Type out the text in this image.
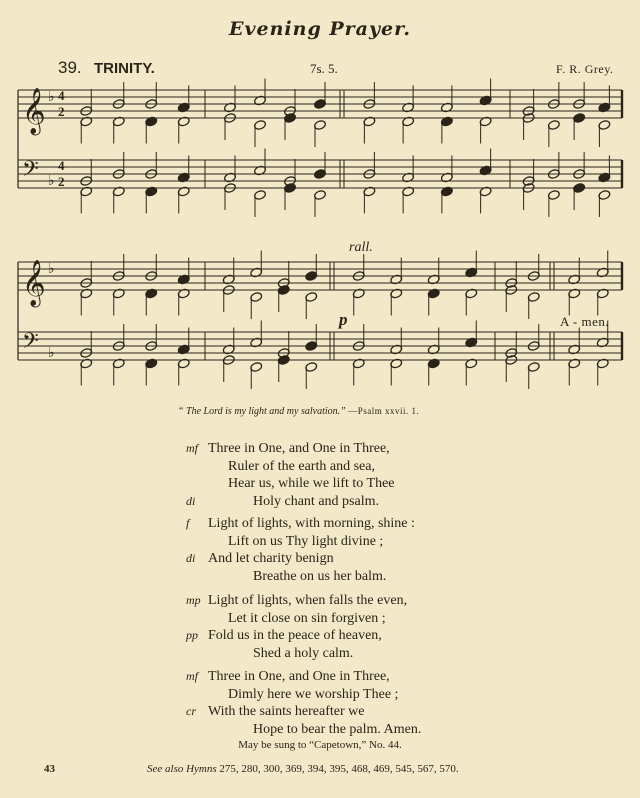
Evening Prayer.
39. TRINITY.	7s. 5.	F. R. Grey.
𝄞 ♭ 4
2
𝄢 ♭
4
2
𝄞 ♭
𝄢 ♭
rall.
p	A - men.
“ The Lord is my light and my salvation.” —Psalm xxvii. 1.
mf Three in One, and One in Three,
Ruler of the earth and sea,
Hear us, while we lift to Thee
di	Holy chant and psalm.
f Light of lights, with morning, shine :
Lift on us Thy light divine ;
di And let charity benign
Breathe on us her balm.
mp Light of lights, when falls the even,
Let it close on sin forgiven ;
pp Fold us in the peace of heaven,
Shed a holy calm.
mf Three in One, and One in Three,
Dimly here we worship Thee ;
cr With the saints hereafter we
Hope to bear the palm. Amen.
May be sung to “Capetown,” No. 44.
43	See also Hymns 275, 280, 300, 369, 394, 395, 468, 469, 545, 567, 570.
